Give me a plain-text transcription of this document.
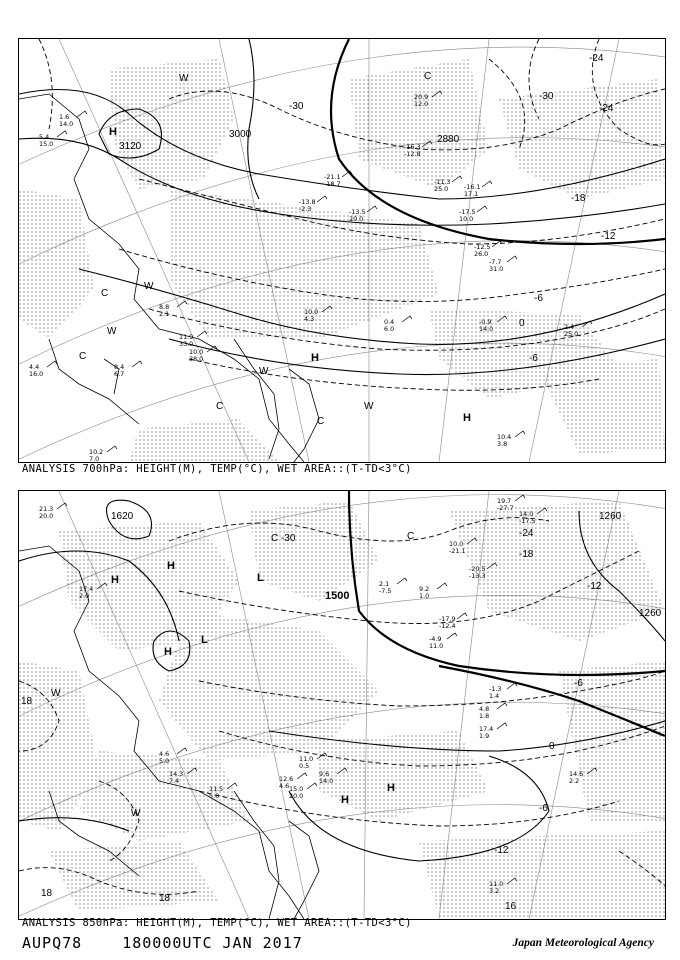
3120
3000	2880
-30
-24
-30
-24
-18
-12
-6
0
-6
H
H
H
W
W
W
W
W
C
C
C
C
C
5.4
15.0
1.6
14.0
20.9
12.0
-16.3
-12.8
-21.1
-18.7
-13.8
-2.3	-13.5
20.0
-11.3
25.0 -16.1
17.1
-17.5
10.0
-12.5
26.0
-7.7
31.0
2.4
25.0
-0.9
14.0
8.8
2.1
11.9
33.0
10.0
38.0
10.0
4.3	0.4
6.0
10.2
7.0
10.4
3.8
4.4
16.0
8.4
6.7
ANALYSIS 700hPa: HEIGHT(M), TEMP(°C), WET AREA::(T-TD<3°C)
1620
1500
1260
1260
-30	-24
-18
-12
-6
0
-6
-12
18
18
18
16
H
H
H
H
H
L
L
W
W
C	C
19.7
-27.7
14.0
-17.5
10.0
-21.1
-20.5
-13.3
2.1
-7.5	9.2
1.0
-17.9
-12.4
-4.9
11.0
-1.3
1.4
4.8
1.8
17.4
1.9
14.6
2.2
11.0
3.2
4.6
5.0
14.3
7.4
11.5
5.0
12.6
4.6
11.0
0.5
9.6
14.0
15.0
20.0
21.3
20.0
17.4
2.0
ANALYSIS 850hPa: HEIGHT(M), TEMP(°C), WET AREA::(T-TD<3°C)
AUPQ78	180000UTC JAN 2017	Japan Meteorological Agency
